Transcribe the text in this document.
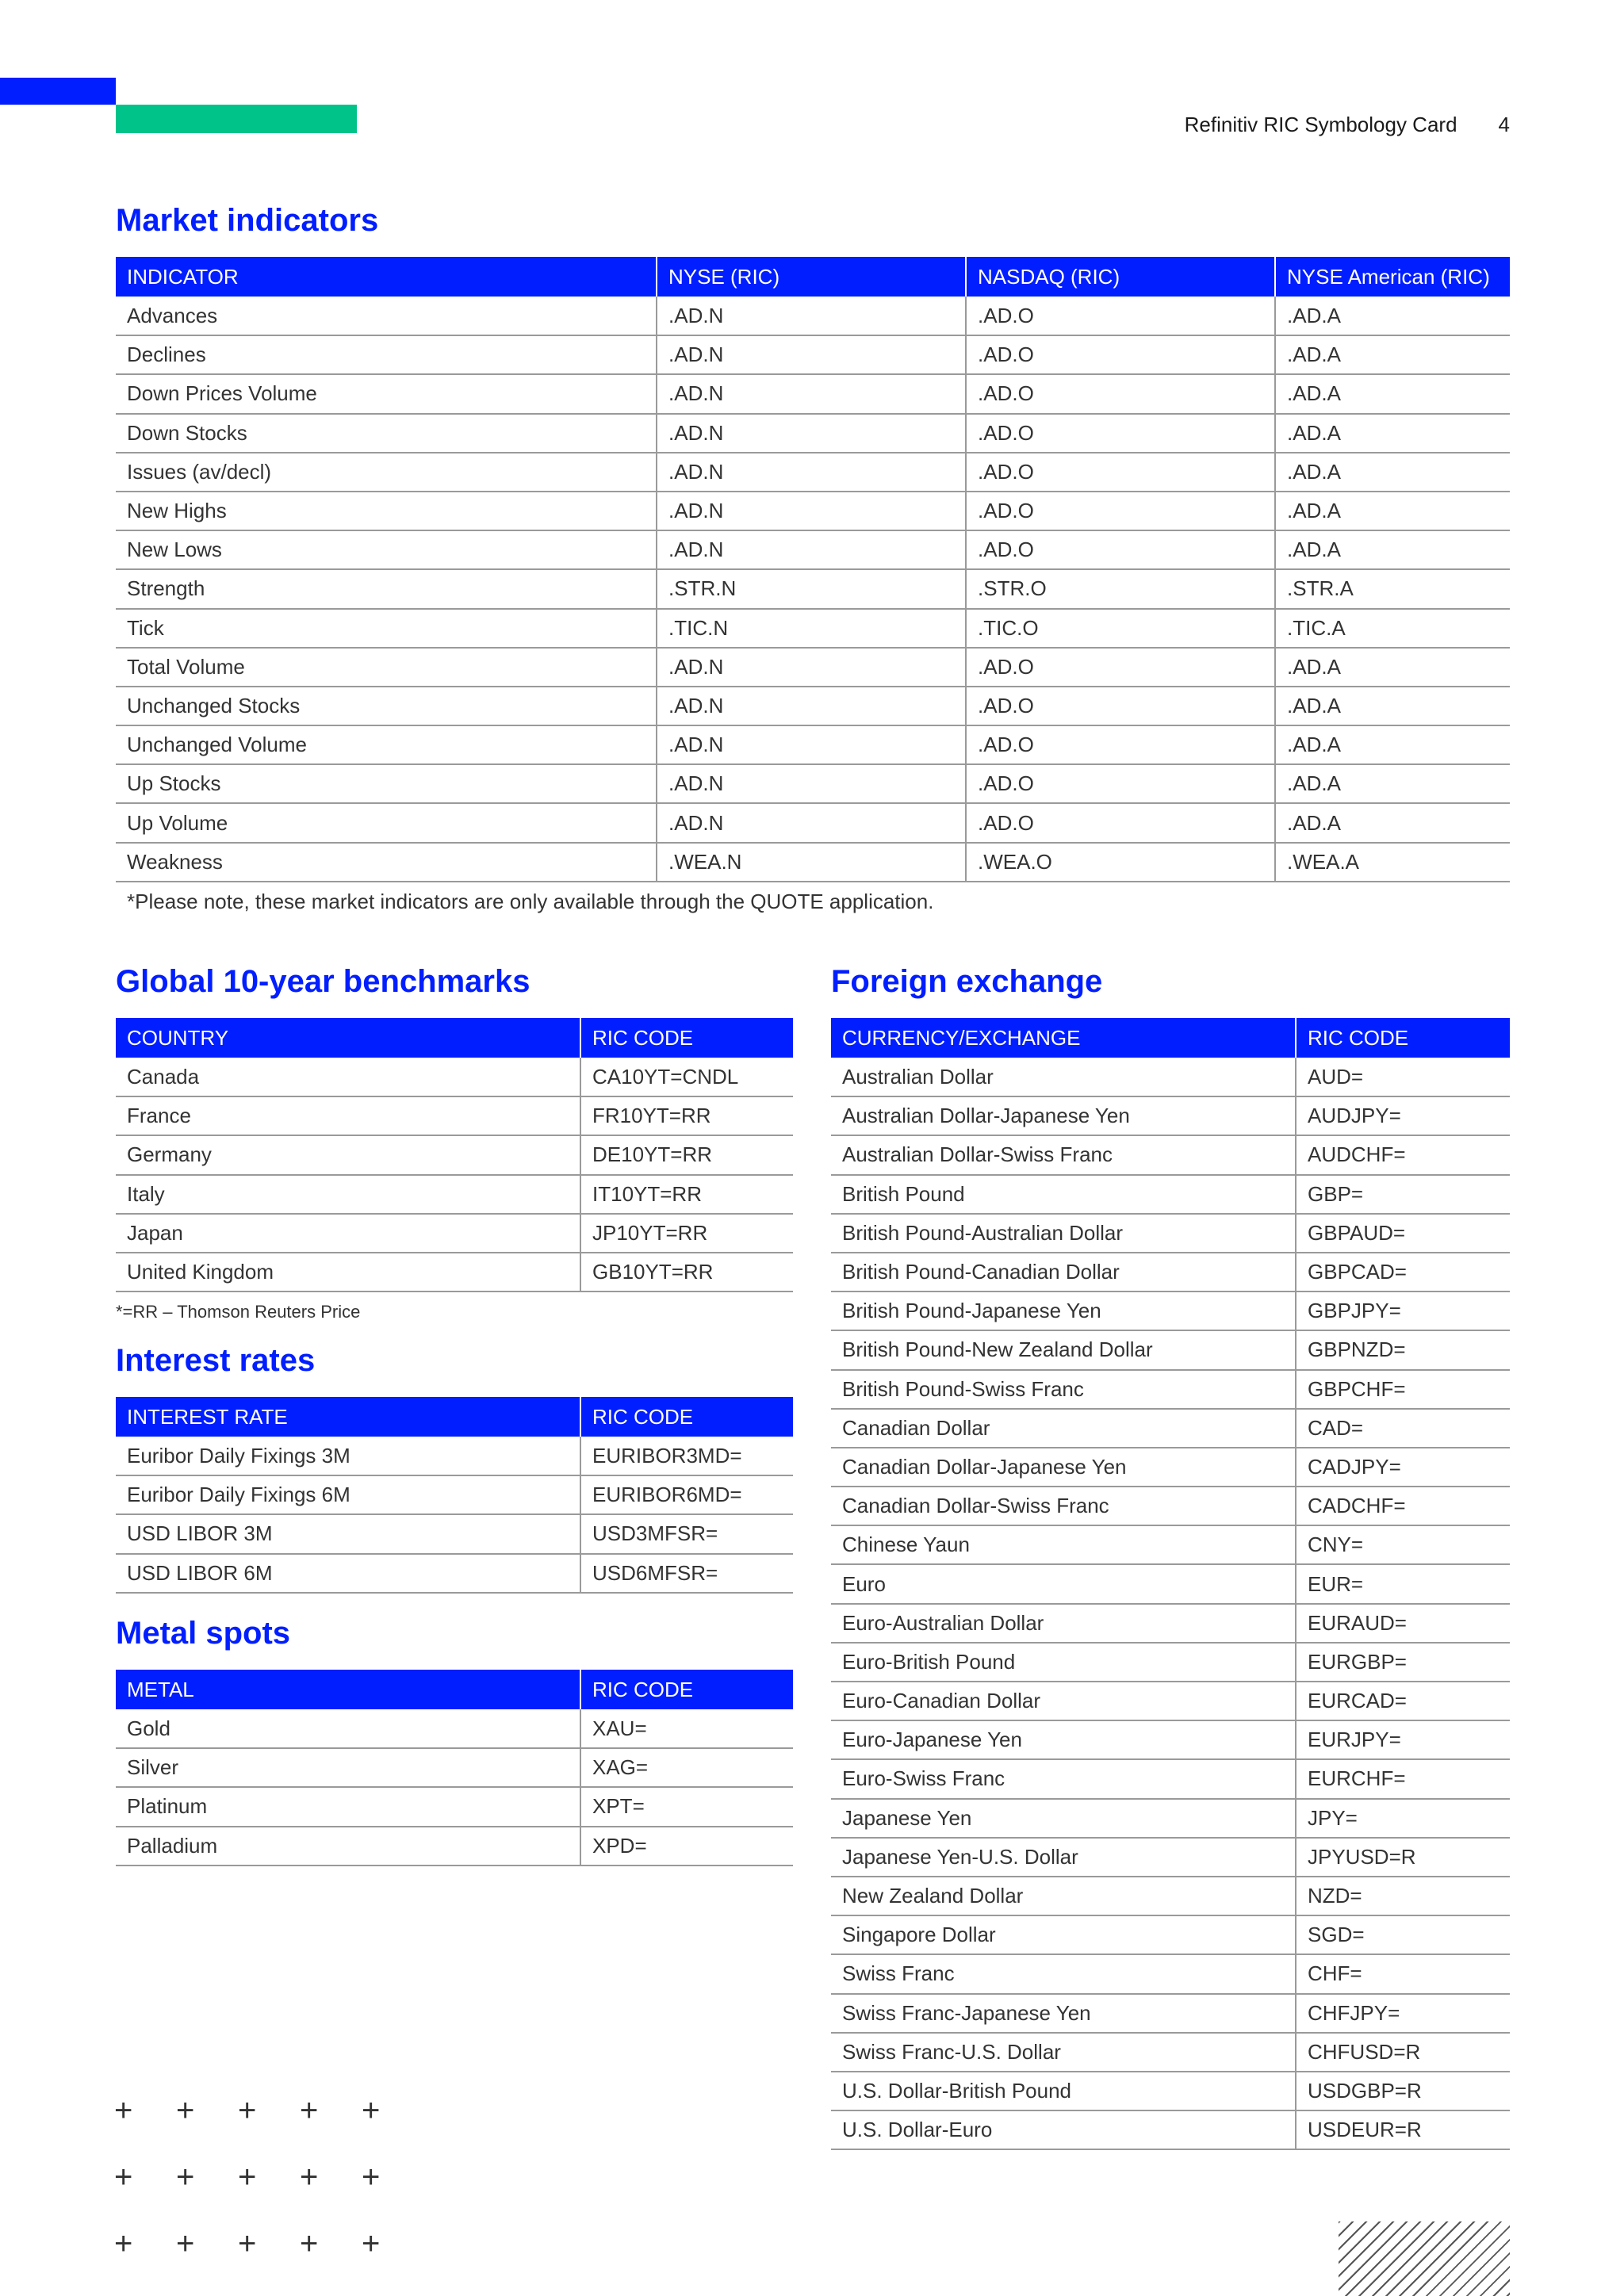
Refinitiv RIC Symbology Card 4
Market indicators
INDICATOR	NYSE (RIC)	NASDAQ (RIC)	NYSE American (RIC)
Advances	.AD.N	.AD.O	.AD.A
Declines	.AD.N	.AD.O	.AD.A
Down Prices Volume	.AD.N	.AD.O	.AD.A
Down Stocks	.AD.N	.AD.O	.AD.A
Issues (av/decl)	.AD.N	.AD.O	.AD.A
New Highs	.AD.N	.AD.O	.AD.A
New Lows	.AD.N	.AD.O	.AD.A
Strength	.STR.N	.STR.O	.STR.A
Tick	.TIC.N	.TIC.O	.TIC.A
Total Volume	.AD.N	.AD.O	.AD.A
Unchanged Stocks	.AD.N	.AD.O	.AD.A
Unchanged Volume	.AD.N	.AD.O	.AD.A
Up Stocks	.AD.N	.AD.O	.AD.A
Up Volume	.AD.N	.AD.O	.AD.A
Weakness	.WEA.N	.WEA.O	.WEA.A

*Please note, these market indicators are only available through the QUOTE application.

Global 10-year benchmarks
COUNTRY	RIC CODE
Canada	CA10YT=CNDL
France	FR10YT=RR
Germany	DE10YT=RR
Italy	IT10YT=RR
Japan	JP10YT=RR
United Kingdom	GB10YT=RR

*=RR – Thomson Reuters Price

Interest rates
INTEREST RATE	RIC CODE
Euribor Daily Fixings 3M	EURIBOR3MD=
Euribor Daily Fixings 6M	EURIBOR6MD=
USD LIBOR 3M	USD3MFSR=
USD LIBOR 6M	USD6MFSR=
Metal spots
METAL	RIC CODE
Gold	XAU=
Silver	XAG=
Platinum	XPT=
Palladium	XPD=
Foreign exchange
CURRENCY/EXCHANGE	RIC CODE
Australian Dollar	AUD=
Australian Dollar-Japanese Yen	AUDJPY=
Australian Dollar-Swiss Franc	AUDCHF=
British Pound	GBP=
British Pound-Australian Dollar	GBPAUD=
British Pound-Canadian Dollar	GBPCAD=
British Pound-Japanese Yen	GBPJPY=
British Pound-New Zealand Dollar	GBPNZD=
British Pound-Swiss Franc	GBPCHF=
Canadian Dollar	CAD=
Canadian Dollar-Japanese Yen	CADJPY=
Canadian Dollar-Swiss Franc	CADCHF=
Chinese Yaun	CNY=
Euro	EUR=
Euro-Australian Dollar	EURAUD=
Euro-British Pound	EURGBP=
Euro-Canadian Dollar	EURCAD=
Euro-Japanese Yen	EURJPY=
Euro-Swiss Franc	EURCHF=
Japanese Yen	JPY=
Japanese Yen-U.S. Dollar	JPYUSD=R
New Zealand Dollar	NZD=
Singapore Dollar	SGD=
Swiss Franc	CHF=
Swiss Franc-Japanese Yen	CHFJPY=
Swiss Franc-U.S. Dollar	CHFUSD=R
U.S. Dollar-British Pound	USDGBP=R
U.S. Dollar-Euro	USDEUR=R
+ + + + +
+ + + + +
+ + + + +
